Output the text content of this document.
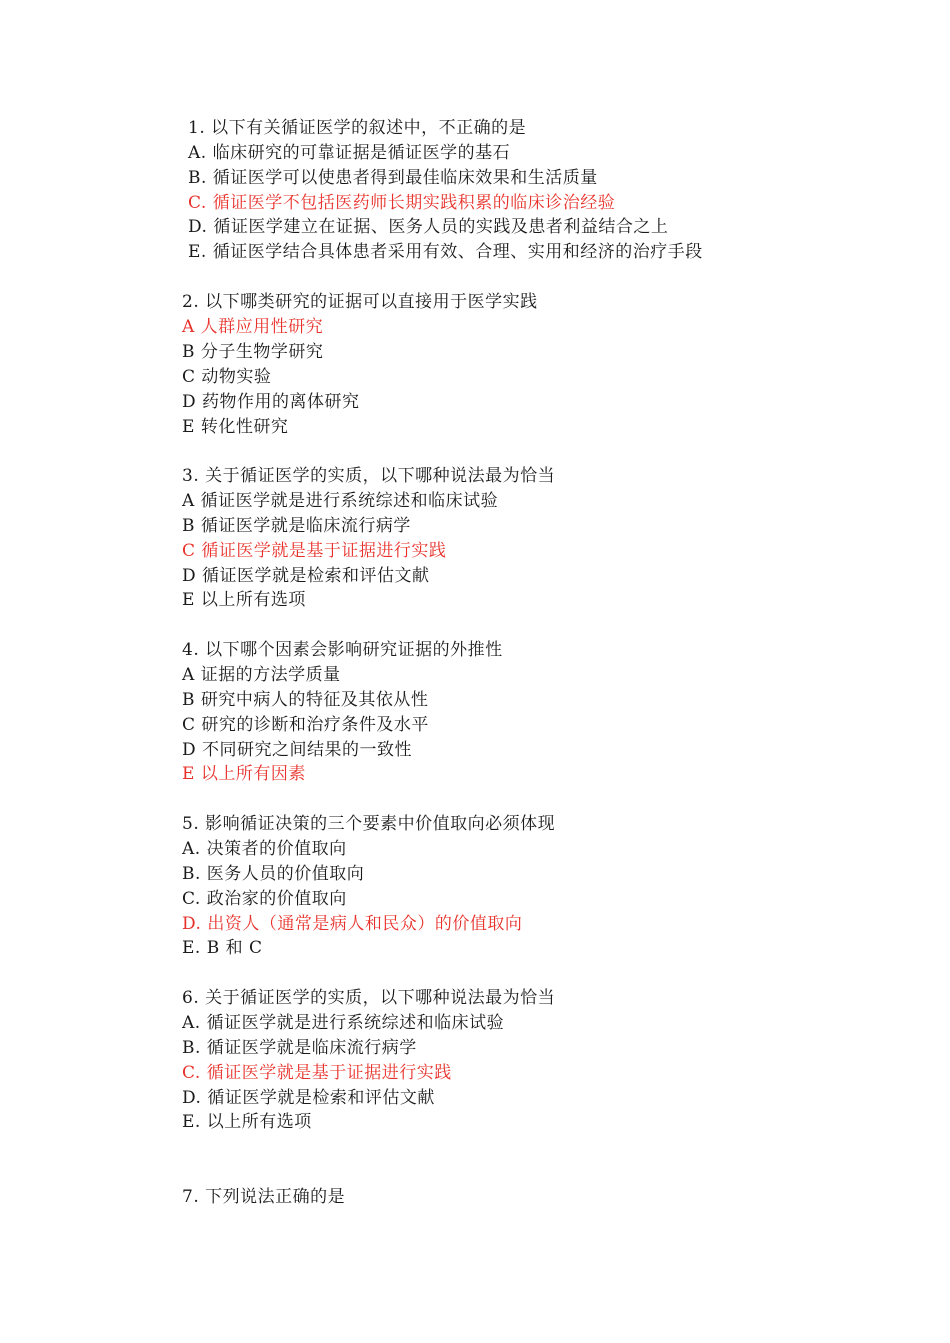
1. 以下有关循证医学的叙述中，不正确的是
A. 临床研究的可靠证据是循证医学的基石
B. 循证医学可以使患者得到最佳临床效果和生活质量
C. 循证医学不包括医药师长期实践积累的临床诊治经验
D. 循证医学建立在证据、医务人员的实践及患者利益结合之上
E. 循证医学结合具体患者采用有效、合理、实用和经济的治疗手段
2. 以下哪类研究的证据可以直接用于医学实践
A 人群应用性研究
B 分子生物学研究
C 动物实验
D 药物作用的离体研究
E 转化性研究
3. 关于循证医学的实质，以下哪种说法最为恰当
A 循证医学就是进行系统综述和临床试验
B 循证医学就是临床流行病学
C 循证医学就是基于证据进行实践
D 循证医学就是检索和评估文献
E 以上所有选项
4. 以下哪个因素会影响研究证据的外推性
A 证据的方法学质量
B 研究中病人的特征及其依从性
C 研究的诊断和治疗条件及水平
D 不同研究之间结果的一致性
E 以上所有因素
5. 影响循证决策的三个要素中价值取向必须体现
A. 决策者的价值取向
B. 医务人员的价值取向
C. 政治家的价值取向
D. 出资人（通常是病人和民众）的价值取向
E. B 和 C
6. 关于循证医学的实质，以下哪种说法最为恰当
A. 循证医学就是进行系统综述和临床试验
B. 循证医学就是临床流行病学
C. 循证医学就是基于证据进行实践
D. 循证医学就是检索和评估文献
E. 以上所有选项
7. 下列说法正确的是
